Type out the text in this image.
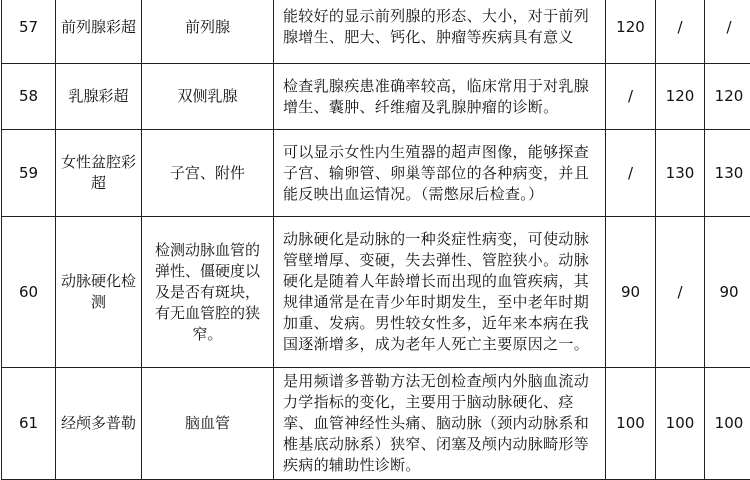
57	前列腺彩超	前列腺	能较好的显示前列腺的形态、大小，对于前列腺增生、肥大、钙化、肿瘤等疾病具有意义	120	/	/
58	乳腺彩超	双侧乳腺	检查乳腺疾患准确率较高，临床常用于对乳腺增生、囊肿、纤维瘤及乳腺肿瘤的诊断。	/	120	120
59	女性盆腔彩超	子宫、附件	可以显示女性内生殖器的超声图像，能够探查子宫、输卵管、卵巢等部位的各种病变，并且能反映出血运情况。（需憋尿后检查。）	/	130	130
60	动脉硬化检测	检测动脉血管的弹性、僵硬度以及是否有斑块，有无血管腔的狭窄。	动脉硬化是动脉的一种炎症性病变，可使动脉管壁增厚、变硬，失去弹性、管腔狭小。动脉硬化是随着人年龄增长而出现的血管疾病，其规律通常是在青少年时期发生，至中老年时期加重、发病。男性较女性多，近年来本病在我国逐渐增多，成为老年人死亡主要原因之一。	90	/	90
61	经颅多普勒	脑血管	是用频谱多普勒方法无创检查颅内外脑血流动力学指标的变化，主要用于脑动脉硬化、痉挛、血管神经性头痛、脑动脉（颈内动脉系和椎基底动脉系）狭窄、闭塞及颅内动脉畸形等疾病的辅助性诊断。	100	100	100
